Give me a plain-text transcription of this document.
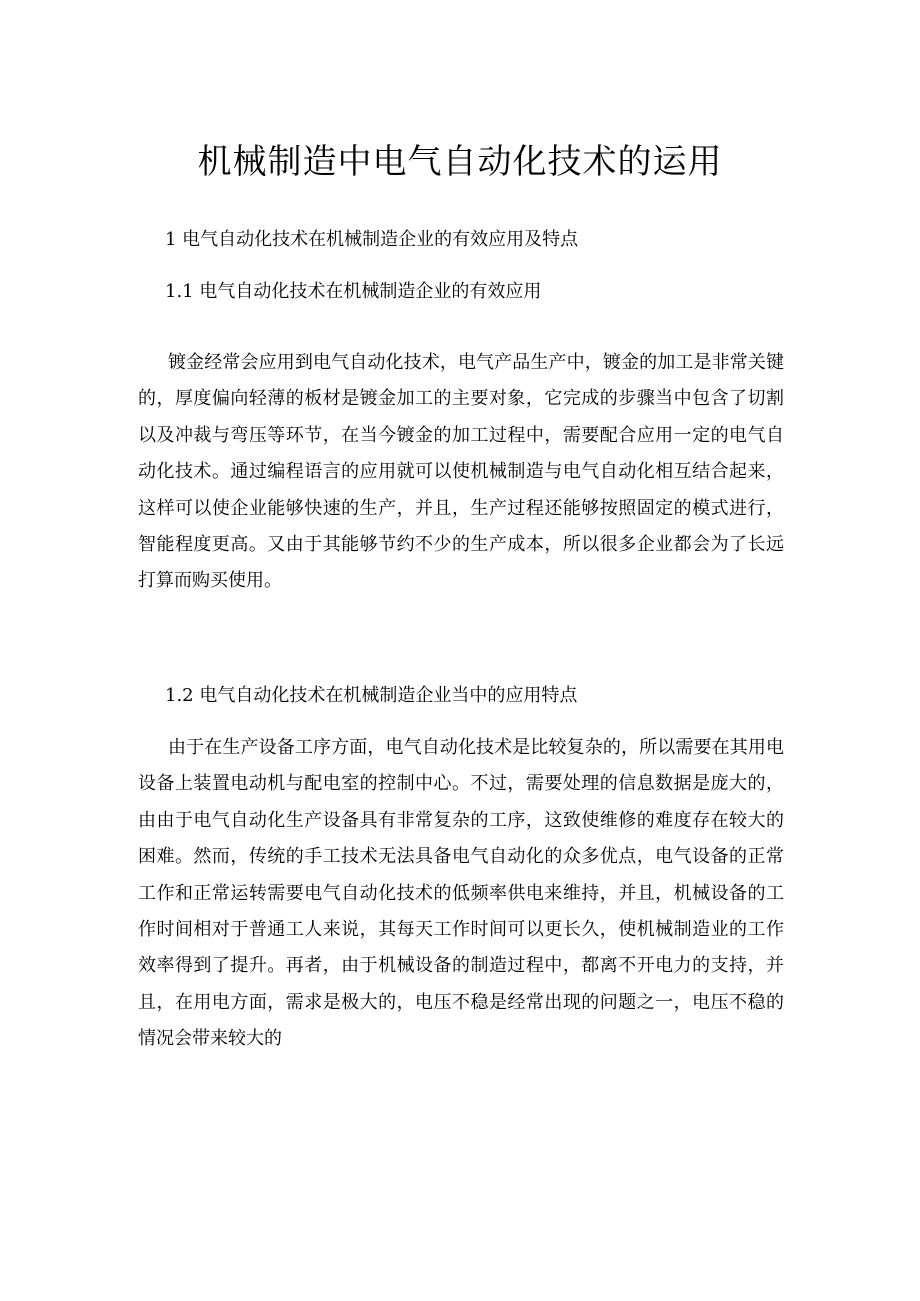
机械制造中电气自动化技术的运用
1 电气自动化技术在机械制造企业的有效应用及特点
1.1 电气自动化技术在机械制造企业的有效应用

镀金经常会应用到电气自动化技术，电气产品生产中，镀金的加工是非常关键的，厚度偏向轻薄的板材是镀金加工的主要对象，它完成的步骤当中包含了切割以及冲裁与弯压等环节，在当今镀金的加工过程中，需要配合应用一定的电气自动化技术。通过编程语言的应用就可以使机械制造与电气自动化相互结合起来，这样可以使企业能够快速的生产，并且，生产过程还能够按照固定的模式进行，智能程度更高。又由于其能够节约不少的生产成本，所以很多企业都会为了长远打算而购买使用。

1.2 电气自动化技术在机械制造企业当中的应用特点

由于在生产设备工序方面，电气自动化技术是比较复杂的，所以需要在其用电设备上装置电动机与配电室的控制中心。不过，需要处理的信息数据是庞大的，由由于电气自动化生产设备具有非常复杂的工序，这致使维修的难度存在较大的困难。然而，传统的手工技术无法具备电气自动化的众多优点，电气设备的正常工作和正常运转需要电气自动化技术的低频率供电来维持，并且，机械设备的工作时间相对于普通工人来说，其每天工作时间可以更长久，使机械制造业的工作效率得到了提升。再者，由于机械设备的制造过程中，都离不开电力的支持，并且，在用电方面，需求是极大的，电压不稳是经常出现的问题之一，电压不稳的情况会带来较大的
